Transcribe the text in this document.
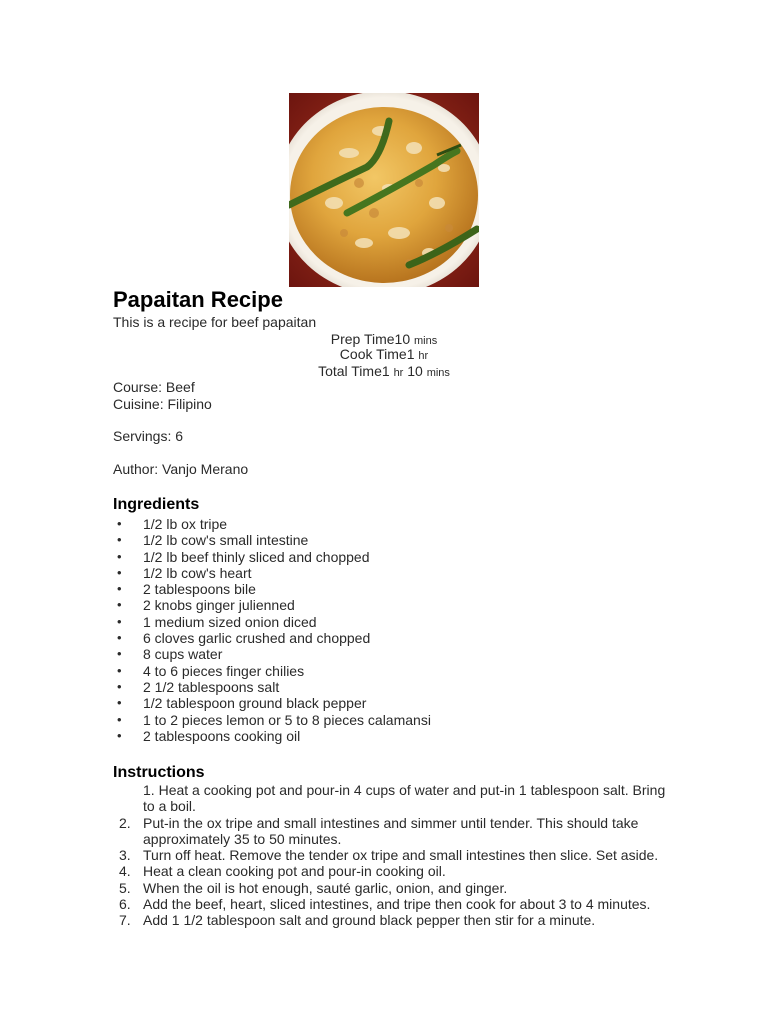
Papaitan Recipe
This is a recipe for beef papaitan
Prep Time10 mins
Cook Time1 hr
Total Time1 hr 10 mins
Course: Beef
Cuisine: Filipino
Servings: 6
Author: Vanjo Merano
Ingredients
• 1/2 lb ox tripe
• 1/2 lb cow's small intestine
• 1/2 lb beef thinly sliced and chopped
• 1/2 lb cow's heart
• 2 tablespoons bile
• 2 knobs ginger julienned
• 1 medium sized onion diced
• 6 cloves garlic crushed and chopped
• 8 cups water
• 4 to 6 pieces finger chilies
• 2 1/2 tablespoons salt
• 1/2 tablespoon ground black pepper
• 1 to 2 pieces lemon or 5 to 8 pieces calamansi
• 2 tablespoons cooking oil
Instructions
1. Heat a cooking pot and pour-in 4 cups of water and put-in 1 tablespoon salt. Bring to a boil.
2. Put-in the ox tripe and small intestines and simmer until tender. This should take approximately 35 to 50 minutes.
3. Turn off heat. Remove the tender ox tripe and small intestines then slice. Set aside.
4. Heat a clean cooking pot and pour-in cooking oil.
5. When the oil is hot enough, sauté garlic, onion, and ginger.
6. Add the beef, heart, sliced intestines, and tripe then cook for about 3 to 4 minutes.
7. Add 1 1/2 tablespoon salt and ground black pepper then stir for a minute.
